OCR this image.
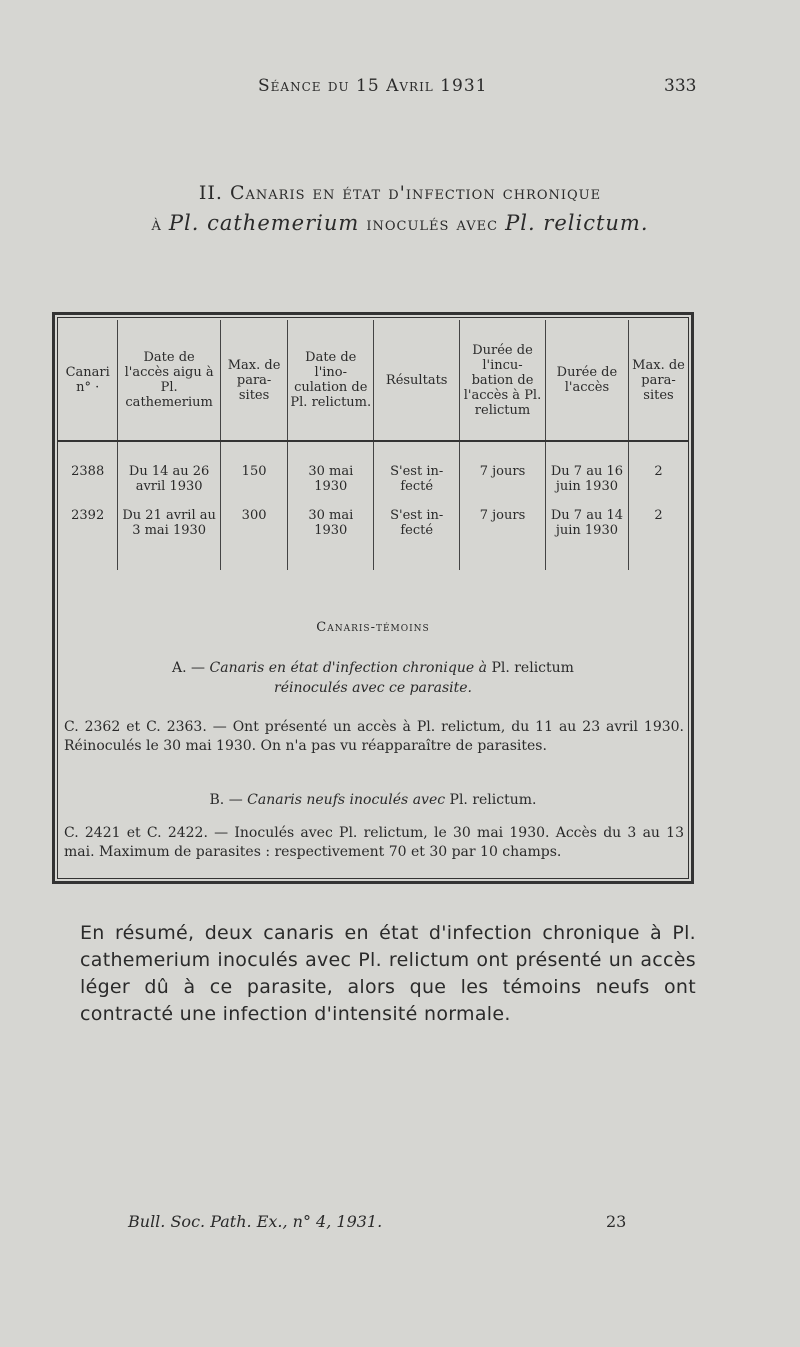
Séance du 15 Avril 1931	333
II. Canaris en état d'infection chronique
à Pl. cathemerium inoculés avec Pl. relictum.
Canari n° ·	Date de l'accès aigu à Pl. cathemerium	Max. de para-sites	Date de l'ino-culation de Pl. relictum.	Résultats	Durée de l'incu-bation de l'accès à Pl. relictum	Durée de l'accès	Max. de para-sites
2388	Du 14 au 26 avril 1930	150	30 mai 1930	S'est in-fecté	7 jours	Du 7 au 16 juin 1930	2
2392	Du 21 avril au 3 mai 1930	300	30 mai 1930	S'est in-fecté	7 jours	Du 7 au 14 juin 1930	2
Canaris-témoins
A. — Canaris en état d'infection chronique à Pl. relictum
réinoculés avec ce parasite.
C. 2362 et C. 2363. — Ont présenté un accès à Pl. relictum, du 11 au 23 avril 1930. Réinoculés le 30 mai 1930. On n'a pas vu réapparaître de parasites.
B. — Canaris neufs inoculés avec Pl. relictum.
C. 2421 et C. 2422. — Inoculés avec Pl. relictum, le 30 mai 1930. Accès du 3 au 13 mai. Maximum de parasites : respectivement 70 et 30 par 10 champs.
En résumé, deux canaris en état d'infection chronique à Pl. cathemerium inoculés avec Pl. relictum ont présenté un accès léger dû à ce parasite, alors que les témoins neufs ont contracté une infection d'intensité normale.
Bull. Soc. Path. Ex., n° 4, 1931.	23
